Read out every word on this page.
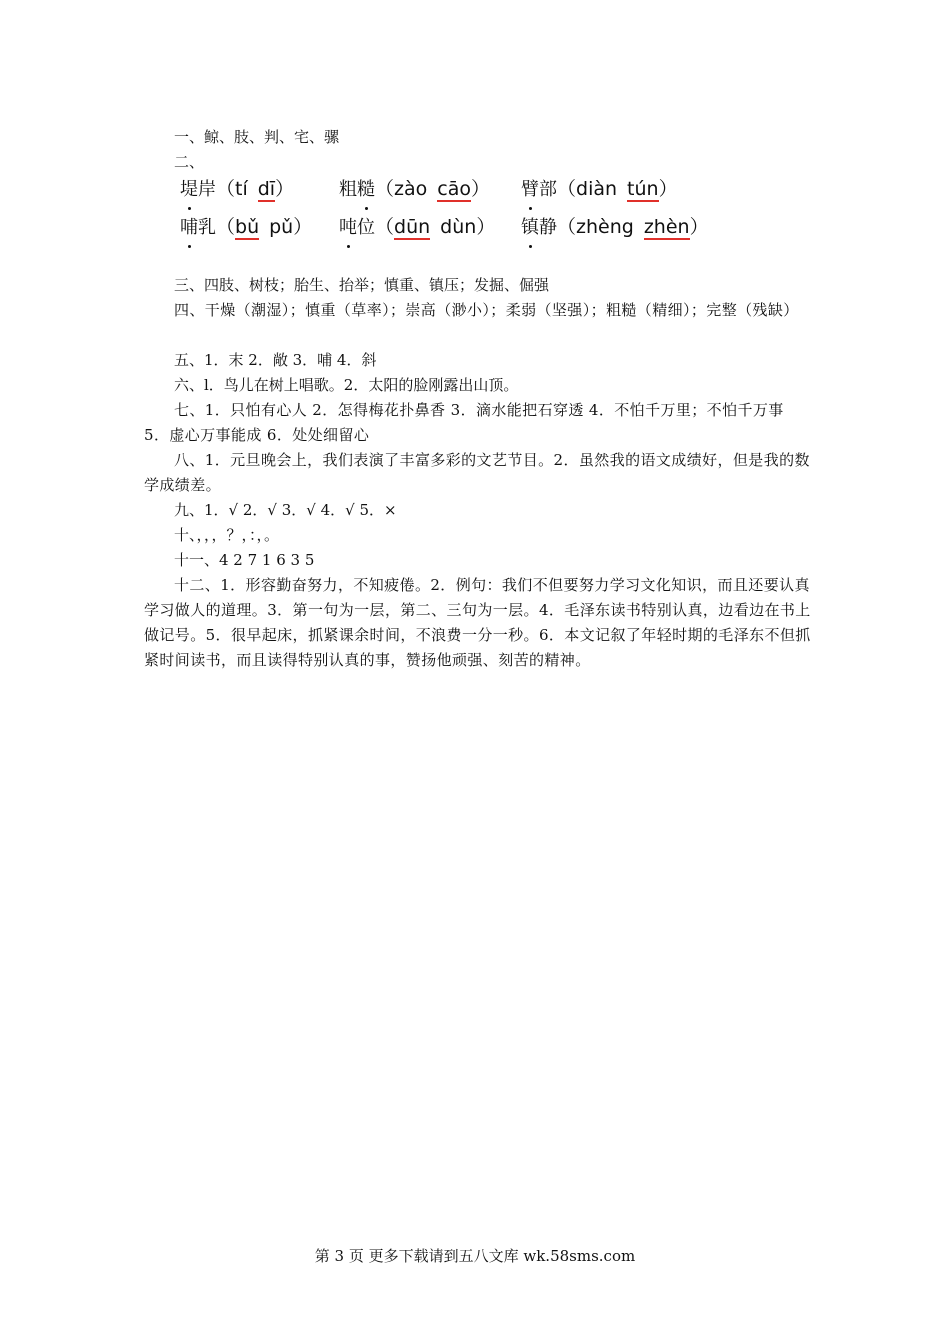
一、鲸、肢、判、宅、骡
二、
堤岸（tí dī） 粗糙（zào cāo） 臂部（diàn tún）
哺乳（bǔ pǔ） 吨位（dūn dùn） 镇静（zhèng zhèn）
三、四肢、树枝；胎生、抬举；慎重、镇压；发掘、倔强
四、干燥（潮湿）；慎重（草率）；崇高（渺小）；柔弱（坚强）；粗糙（精细）；完整（残缺）
五、1．末 2．敞 3．哺 4．斜
六、l．鸟儿在树上唱歌。2．太阳的脸刚露出山顶。
七、1．只怕有心人 2．怎得梅花扑鼻香 3．滴水能把石穿透 4．不怕千万里；不怕千万事 5．虚心万事能成 6．处处细留心
八、1．元旦晚会上，我们表演了丰富多彩的文艺节目。2．虽然我的语文成绩好，但是我的数学成绩差。
九、1．√ 2．√ 3．√ 4．√ 5．×
十、，，，？，：，。
十一、4 2 7 1 6 3 5
十二、1．形容勤奋努力，不知疲倦。2．例句：我们不但要努力学习文化知识，而且还要认真学习做人的道理。3．第一句为一层，第二、三句为一层。4．毛泽东读书特别认真，边看边在书上做记号。5．很早起床，抓紧课余时间，不浪费一分一秒。6．本文记叙了年轻时期的毛泽东不但抓紧时间读书，而且读得特别认真的事，赞扬他顽强、刻苦的精神。
第 3 页 更多下载请到五八文库 wk.58sms.com
